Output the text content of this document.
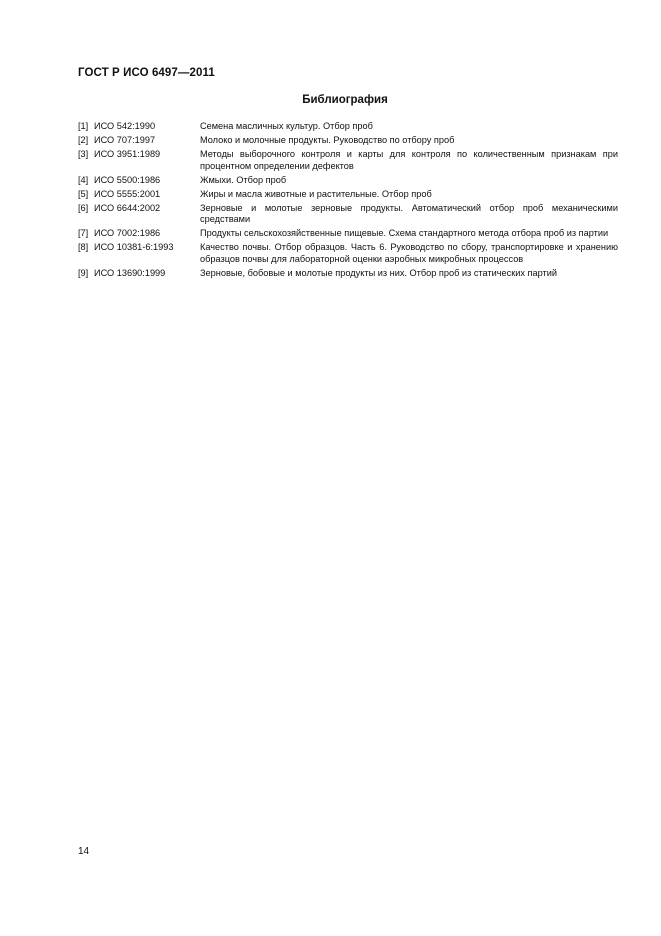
ГОСТ Р ИСО 6497—2011
Библиография
[1] ИСО 542:1990	Семена масличных культур. Отбор проб
[2] ИСО 707:1997	Молоко и молочные продукты. Руководство по отбору проб
[3] ИСО 3951:1989	Методы выборочного контроля и карты для контроля по количественным признакам при процентном определении дефектов
[4] ИСО 5500:1986	Жмыхи. Отбор проб
[5] ИСО 5555:2001	Жиры и масла животные и растительные. Отбор проб
[6] ИСО 6644:2002	Зерновые и молотые зерновые продукты. Автоматический отбор проб механическими средствами
[7] ИСО 7002:1986	Продукты сельскохозяйственные пищевые. Схема стандартного метода отбора проб из партии
[8] ИСО 10381-6:1993	Качество почвы. Отбор образцов. Часть 6. Руководство по сбору, транспортировке и хранению образцов почвы для лабораторной оценки аэробных микробных процессов
[9] ИСО 13690:1999	Зерновые, бобовые и молотые продукты из них. Отбор проб из статических партий
14
